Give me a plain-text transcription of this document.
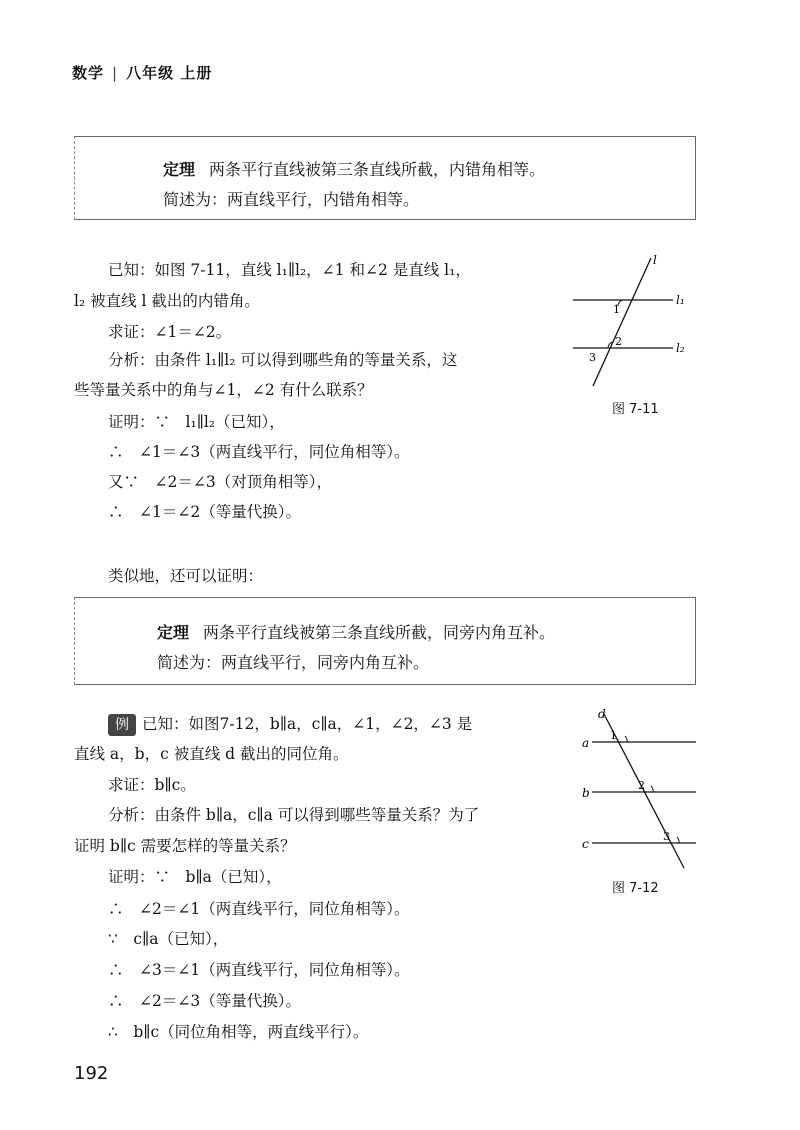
数学 | 八年级 上册
定理 两条平行直线被第三条直线所截，内错角相等。
简述为：两直线平行，内错角相等。
已知：如图 7-11，直线 l₁∥l₂，∠1 和∠2 是直线 l₁，
l₂ 被直线 l 截出的内错角。
求证：∠1＝∠2。
分析：由条件 l₁∥l₂ 可以得到哪些角的等量关系，这
些等量关系中的角与∠1，∠2 有什么联系？
证明：∵　l₁∥l₂（已知），
∴　∠1＝∠3（两直线平行，同位角相等）。
又∵　∠2＝∠3（对顶角相等），
∴　∠1＝∠2（等量代换）。
l
l₁
l₂
1
2
3
图 7-11
类似地，还可以证明：
定理 两条平行直线被第三条直线所截，同旁内角互补。
简述为：两直线平行，同旁内角互补。
例 已知：如图7-12，b∥a，c∥a，∠1，∠2，∠3 是
直线 a，b，c 被直线 d 截出的同位角。
求证：b∥c。
分析：由条件 b∥a，c∥a 可以得到哪些等量关系？为了
证明 b∥c 需要怎样的等量关系？
证明：∵　b∥a（已知），
∴　∠2＝∠1（两直线平行，同位角相等）。
∵　c∥a（已知），
∴　∠3＝∠1（两直线平行，同位角相等）。
∴　∠2＝∠3（等量代换）。
∴　b∥c（同位角相等，两直线平行）。
d
a
b
c
1
2
3
图 7-12
192
